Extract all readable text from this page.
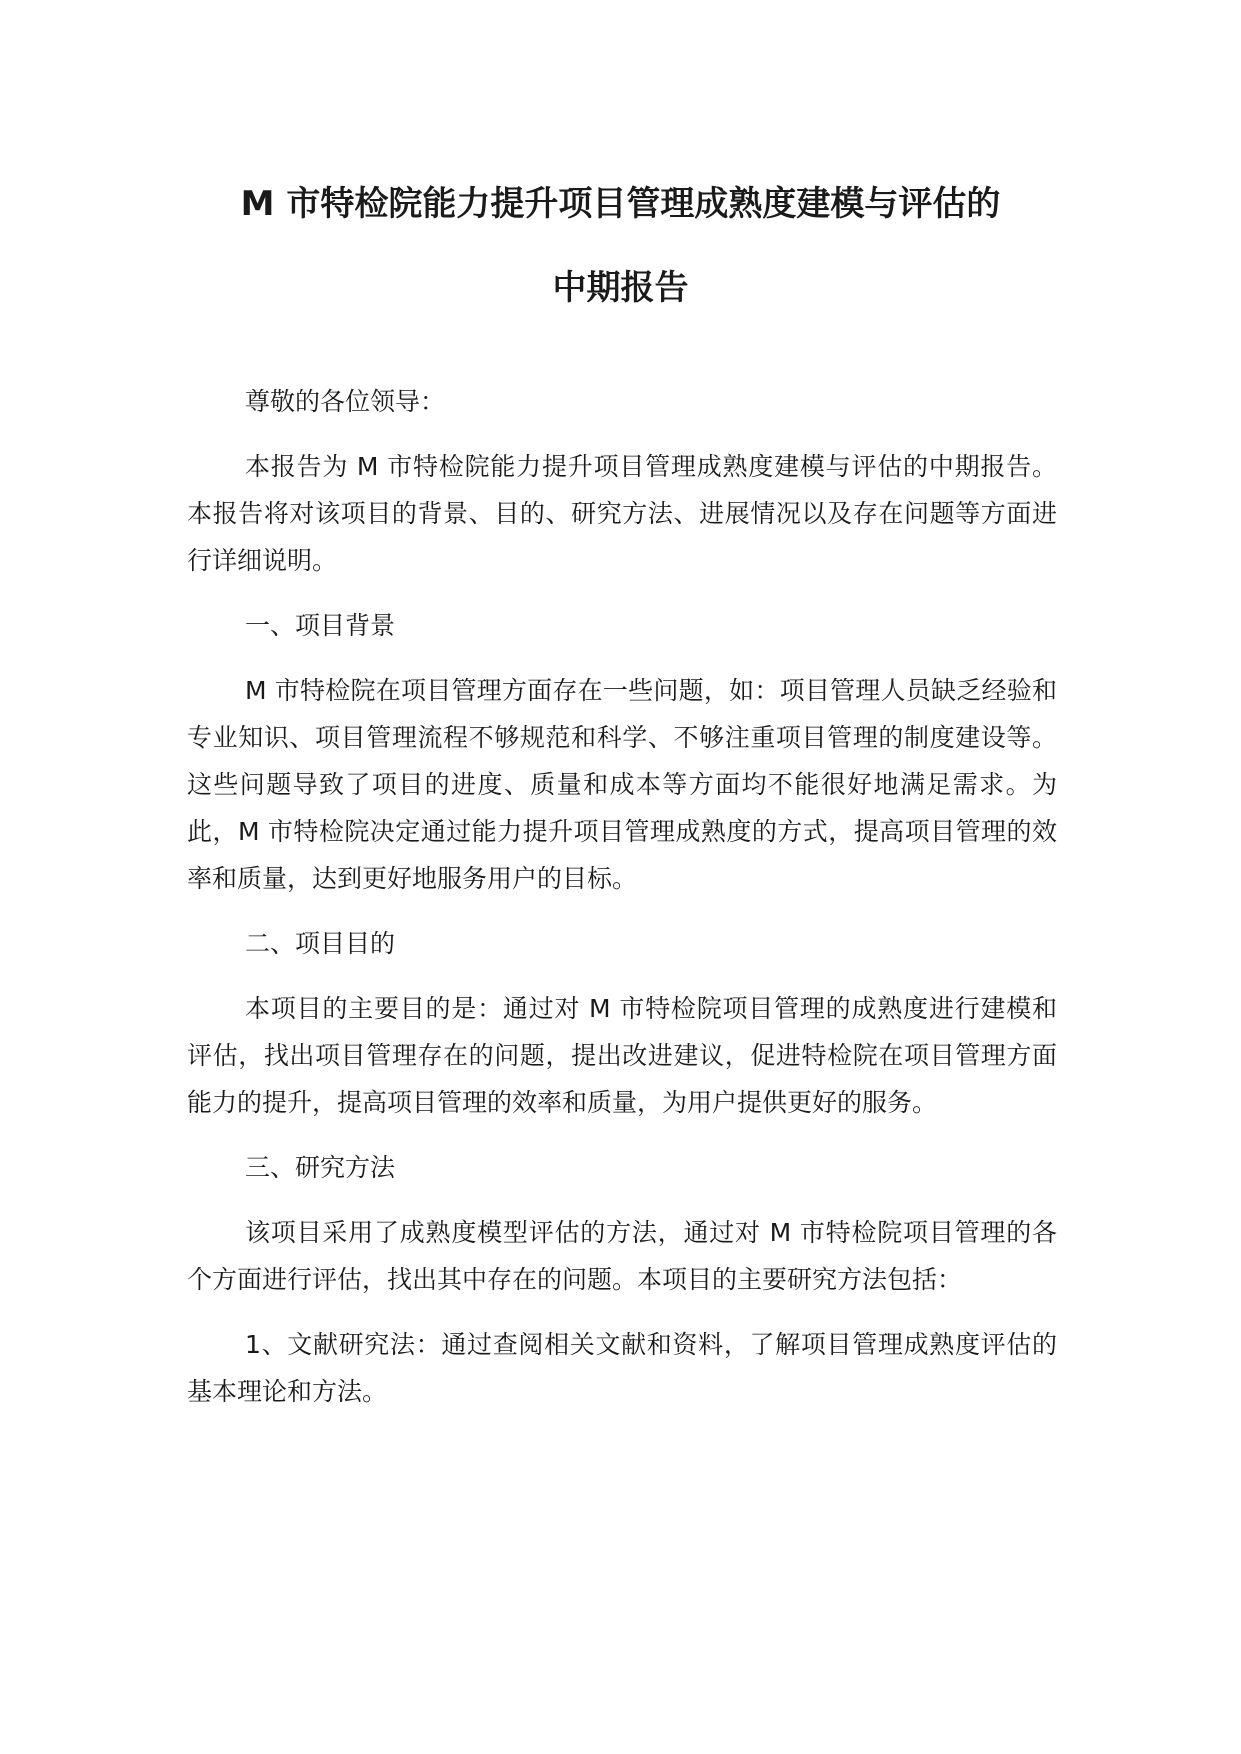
M 市特检院能力提升项目管理成熟度建模与评估的
中期报告

尊敬的各位领导：

本报告为 M 市特检院能力提升项目管理成熟度建模与评估的中期报告。本报告将对该项目的背景、目的、研究方法、进展情况以及存在问题等方面进行详细说明。

一、项目背景

M 市特检院在项目管理方面存在一些问题，如：项目管理人员缺乏经验和专业知识、项目管理流程不够规范和科学、不够注重项目管理的制度建设等。这些问题导致了项目的进度、质量和成本等方面均不能很好地满足需求。为此，M 市特检院决定通过能力提升项目管理成熟度的方式，提高项目管理的效率和质量，达到更好地服务用户的目标。

二、项目目的

本项目的主要目的是：通过对 M 市特检院项目管理的成熟度进行建模和评估，找出项目管理存在的问题，提出改进建议，促进特检院在项目管理方面能力的提升，提高项目管理的效率和质量，为用户提供更好的服务。

三、研究方法

该项目采用了成熟度模型评估的方法，通过对 M 市特检院项目管理的各个方面进行评估，找出其中存在的问题。本项目的主要研究方法包括：

1、文献研究法：通过查阅相关文献和资料，了解项目管理成熟度评估的基本理论和方法。
